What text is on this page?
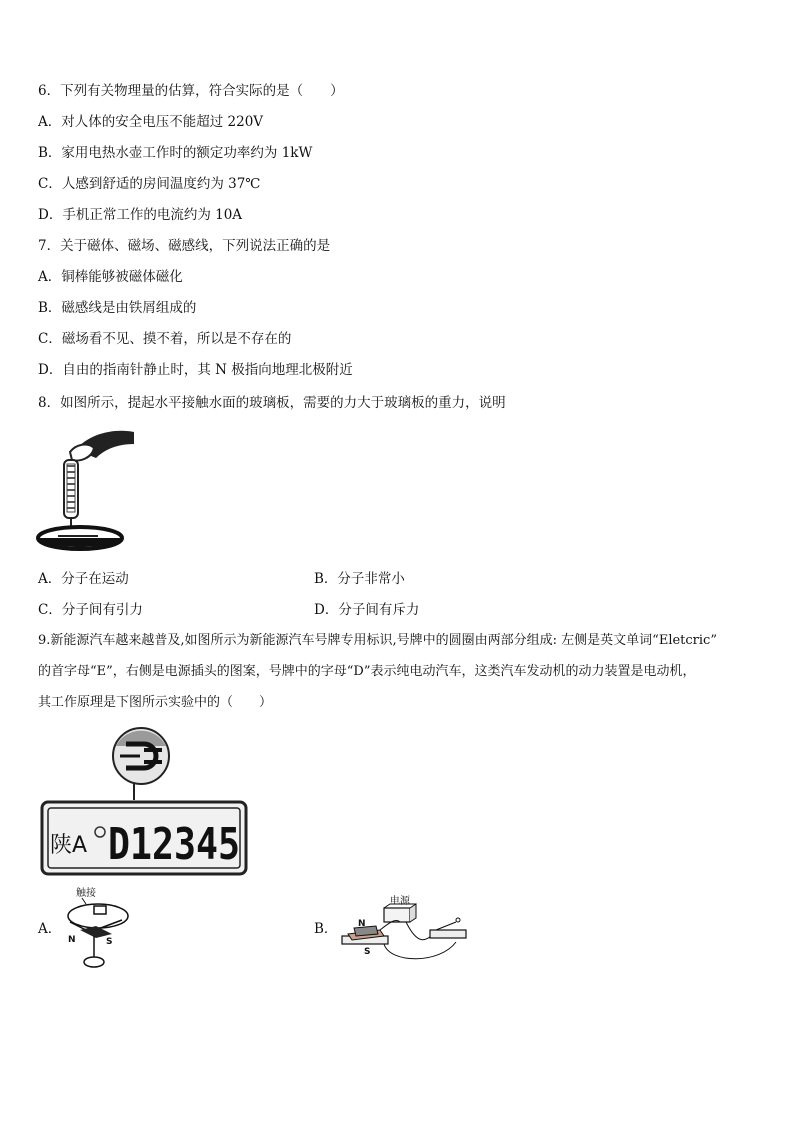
6．下列有关物理量的估算，符合实际的是（　　）
A．对人体的安全电压不能超过 220V
B．家用电热水壶工作时的额定功率约为 1kW
C．人感到舒适的房间温度约为 37℃
D．手机正常工作的电流约为 10A
7．关于磁体、磁场、磁感线，下列说法正确的是
A．铜棒能够被磁体磁化
B．磁感线是由铁屑组成的
C．磁场看不见、摸不着，所以是不存在的
D．自由的指南针静止时，其 N 极指向地理北极附近
8．如图所示，提起水平接触水面的玻璃板，需要的力大于玻璃板的重力，说明
A．分子在运动	B．分子非常小
C．分子间有引力	D．分子间有斥力
9.新能源汽车越来越普及,如图所示为新能源汽车号牌专用标识,号牌中的圆圈由两部分组成: 左侧是英文单词“Eletcric”
的首字母“E”，右侧是电源插头的图案，号牌中的字母“D”表示纯电动汽车，这类汽车发动机的动力装置是电动机，
其工作原理是下图所示实验中的（　　）
陕A D12345
A．
触接
N	S
B．
电源
N
S
